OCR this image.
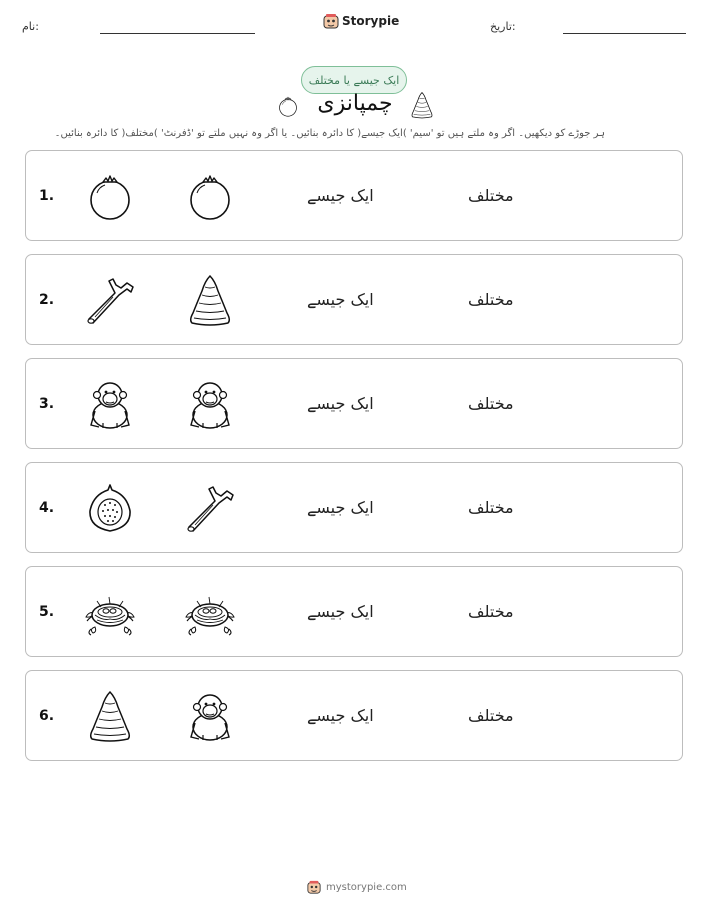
نام:	Storypie	تاریخ:
ایک جیسے یا مختلف
چمپانزی
ہر جوڑے کو دیکھیں۔ اگر وہ ملتے ہیں تو 'سیم' )ایک جیسے( کا دائرہ بنائیں۔ یا اگر وہ نہیں ملتے تو 'ڈفرنٹ' )مختلف( کا دائرہ بنائیں۔
1.	ایک جیسے	مختلف
2.	ایک جیسے	مختلف
3.	ایک جیسے	مختلف
4.	ایک جیسے	مختلف
5.	ایک جیسے	مختلف
6.	ایک جیسے	مختلف
mystorypie.com
